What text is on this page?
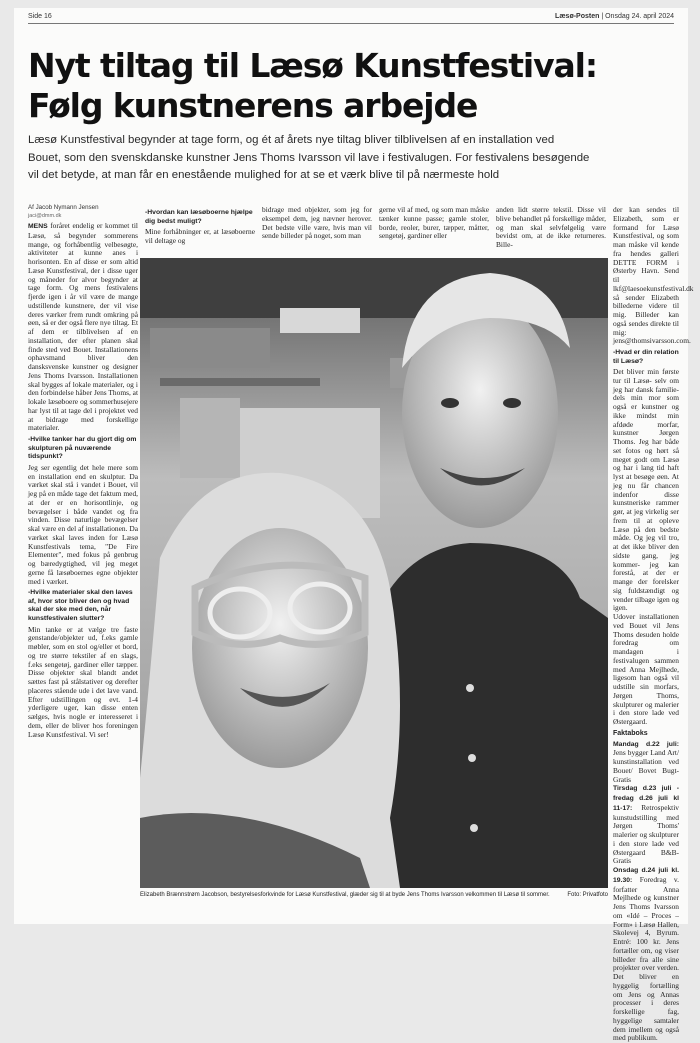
Side 16	Læsø-Posten | Onsdag 24. april 2024
Nyt tiltag til Læsø Kunstfestival:
Følg kunstnerens arbejde
Læsø Kunstfestival begynder at tage form, og ét af årets nye tiltag bliver tilblivelsen af en installation ved
Bouet, som den svenskdanske kunstner Jens Thoms Ivarsson vil lave i festivalugen. For festivalens besøgende
vil det betyde, at man får en enestående mulighed for at se et værk blive til på nærmeste hold
Af Jacob Nymann Jensen
jaci@dmm.dk

MENS foråret endelig er kommet til Læsø, så begynder sommerens mange, og forhåbentlig velbesøgte, aktiviteter at kunne anes i horisonten. En af disse er som altid Læsø Kunstfestival, der i disse uger og måneder for alvor begynder at tage form. Og mens festivalens fjerde igen i år vil være de mange udstillende kunstnere, der vil vise deres værker frem rundt omkring på øen, så er der også flere nye tiltag. Et af dem er tilblivelsen af en installation, der efter planen skal finde sted ved Bouet. Installationens ophavsmand bliver den dansksvenske kunstner og designer Jens Thoms Ivarsson. Installationen skal bygges af lokale materialer, og i den forbindelse håber Jens Thoms, at lokale læsøboere og sommerhusejere har lyst til at tage del i projektet ved at bidrage med forskellige materialer.

-Hvilke tanker har du gjort dig om skulpturen på nuværende tidspunkt?

Jeg ser egentlig det hele mere som en installation end en skulptur. Da værket skal stå i vandet i Bouet, vil jeg på en måde tage det faktum med, at der er en horisontlinje, og bevægelser i både vandet og fra vinden. Disse naturlige bevægelser skal være en del af installationen. Da værket skal laves inden for Læsø Kunstfestivals tema, "De Fire Elementer", med fokus på genbrug og bæredygtighed, vil jeg meget gerne få læsøboernes egne objekter med i værket.

-Hvilke materialer skal den laves af, hvor stor bliver den og hvad skal der ske med den, når kunstfestivalen slutter?

Min tanke er at vælge tre faste genstande/objekter ud, f.eks gamle møbler, som en stol og/eller et bord, og tre større tekstiler af en slags, f.eks sengetøj, gardiner eller tæpper. Disse objekter skal blandt andet sættes fast på stålstativer og derefter placeres stående ude i det lave vand. Efter udstillingen og evt. 1-4 yderligere uger, kan disse enten sælges, hvis nogle er interesseret i dem, eller de bliver hos foreningen Læsø Kunstfestival. Vi ser!

-Hvordan kan læsøboerne hjælpe dig bedst muligt?

Mine forhåbninger er, at læsøboerne vil deltage og

bidrage med objekter, som jeg for eksempel dem, jeg nævner herover. Det bedste ville være, hvis man vil sende billeder på noget, som man

gerne vil af med, og som man måske tænker kunne passe; gamle stoler, borde, reoler, burer, tæpper, måtter, sengetøj, gardiner eller

anden lidt større tekstil. Disse vil blive behandlet på forskellige måder, og man skal selvfølgelig være bevidst om, at de ikke returneres. Bille-

der kan sendes til Elizabeth, som er formand for Læsø Kunstfestival, og som man måske vil kende fra hendes galleri DETTE FORM i Østerby Havn. Send til lkf@laesoekunstfestival.dk så sender Elizabeth billederne videre til mig. Billeder kan også sendes direkte til mig: jens@thomsivarsson.com.

-Hvad er din relation til Læsø?

Det bliver min første tur til Læsø- selv om jeg har dansk familie- dels min mor som også er kunstner og ikke mindst min afdøde morfar, kunstner Jørgen Thoms. Jeg har både set fotos og hørt så meget godt om Læsø og har i lang tid haft lyst at besøge øen. At jeg nu får chancen indenfor disse kunstneriske rammer gør, at jeg virkelig ser frem til at opleve Læsø på den bedste måde. Og jeg vil tro, at det ikke bliver den sidste gang, jeg kommer- jeg kan forestå, at der er mange der forelsker sig fuldstændigt og vender tilbage igen og igen.

Udover installationen ved Bouet vil Jens Thoms desuden holde foredrag om mandagen i festivalugen sammen med Anna Mejlhede, ligesom han også vil udstille sin morfars, Jørgen Thoms, skulpturer og malerier i den store lade ved Østergaard.

Faktaboks

Mandag d.22 juli: Jens bygger Land Art/ kunstinstallation ved Bouet/ Bovet Bugt- Gratis

Tirsdag d.23 juli - fredag d.26 juli kl 11-17: Retrospektiv kunstudstilling med Jørgen Thoms' malerier og skulpturer i den store lade ved Østergaard B&B- Gratis

Onsdag d.24 juli kl. 19.30: Foredrag v. forfatter Anna Mejlhede og kunstner Jens Thoms Ivarsson om «Idé – Proces – Form» i Læsø Hallen, Skolevej 4, Byrum. Entré: 100 kr. Jens fortæller om, og viser billeder fra alle sine projekter over verden. Det bliver en hyggelig fortælling om Jens og Annas processer i deres forskellige fag, hyggelige samtaler dem imellem og også med publikum.

Elizabeth Brænnstrøm Jacobson, bestyrelsesforkvinde for Læsø Kunstfestival, glæder sig til at byde Jens Thoms Ivarsson velkommen til Læsø til sommer.	Foto: Privatfoto
